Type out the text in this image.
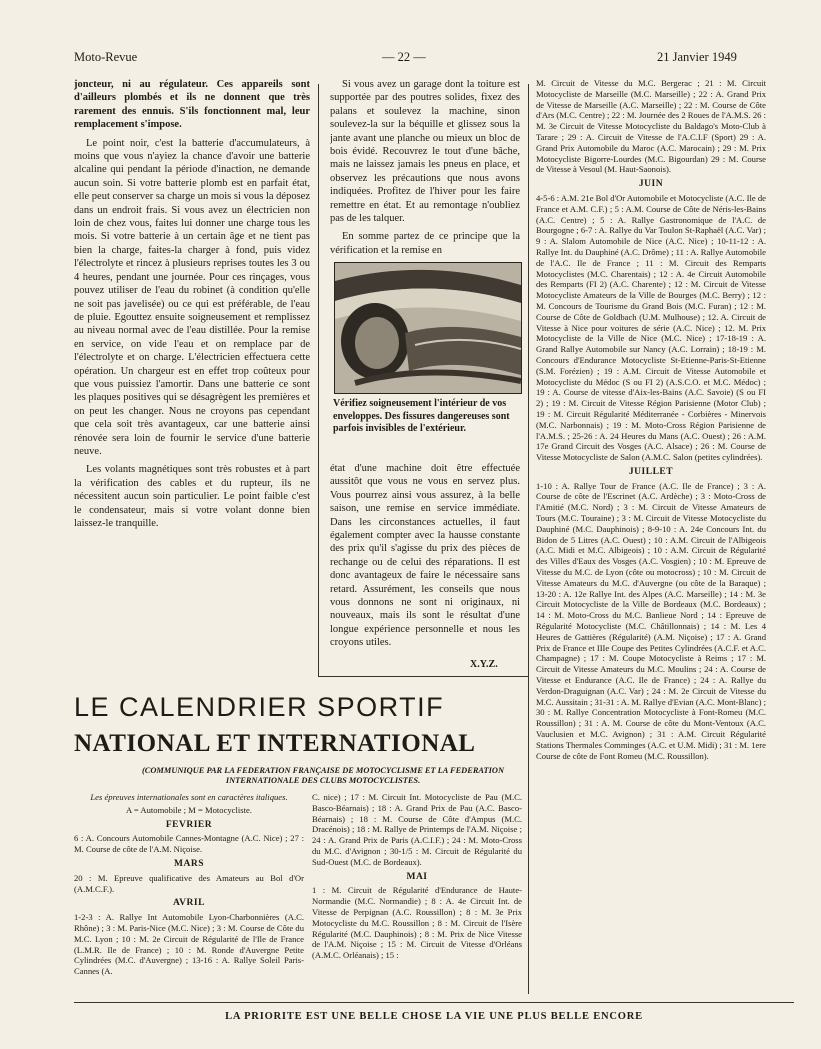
Moto-Revue	— 22 —	21 Janvier 1949

joncteur, ni au régulateur. Ces appareils sont d'ailleurs plombés et ils ne donnent que très rarement des ennuis. S'ils fonctionnent mal, leur remplacement s'impose.

Le point noir, c'est la batterie d'accumulateurs, à moins que vous n'ayiez la chance d'avoir une batterie alcaline qui pendant la période d'inaction, ne demande aucun soin. Si votre batterie plomb est en parfait état, elle peut conserver sa charge un mois si vous la déposez dans un endroit frais. Si vous avez un électricien non loin de chez vous, faites lui donner une charge tous les mois. Si votre batterie à un certain âge et ne tient pas bien la charge, faites-la charger à fond, puis videz l'électrolyte et rincez à plusieurs reprises toutes les 3 ou 4 heures, pendant une journée. Pour ces rinçages, vous pouvez utiliser de l'eau du robinet (à condition qu'elle ne soit pas javelisée) ou ce qui est préférable, de l'eau de pluie. Egouttez ensuite soigneusement et remplissez au niveau normal avec de l'eau distillée. Pour la remise en service, on vide l'eau et on remplace par de l'électrolyte et on charge. L'électricien effectuera cette opération. Un chargeur est en effet trop coûteux pour que vous puissiez l'amortir. Dans une batterie ce sont les plaques positives qui se désagrègent les premières et on peut les changer. Nous ne croyons pas cependant que cela soit très avantageux, car une batterie ainsi rénovée sera loin de fournir le service d'une batterie neuve.

Les volants magnétiques sont très robustes et à part la vérification des cables et du rupteur, ils ne nécessitent aucun soin particulier. Le point faible c'est le condensateur, mais si votre volant donne bien laissez-le tranquille.

Si vous avez un garage dont la toiture est supportée par des poutres solides, fixez des palans et soulevez la machine, sinon soulevez-la sur la béquille et glissez sous la jante avant une planche ou mieux un bloc de bois évidé. Recouvrez le tout d'une bâche, mais ne laissez jamais les pneus en place, et observez les précautions que nous avons indiquées. Profitez de l'hiver pour les faire remettre en état. Et au remontage n'oubliez pas de les talquer.

En somme partez de ce principe que la vérification et la remise en

Vérifiez soigneusement l'intérieur de vos enveloppes. Des fissures dangereuses sont parfois invisibles de l'extérieur.

état d'une machine doit être effectuée aussitôt que vous ne vous en servez plus. Vous pourrez ainsi vous assurez, à la belle saison, une remise en service immédiate. Dans les circonstances actuelles, il faut également compter avec la hausse constante des prix qu'il s'agisse du prix des pièces de rechange ou de celui des réparations. Il est donc avantageux de faire le nécessaire sans retard. Assurément, les conseils que nous vous donnons ne sont ni originaux, ni nouveaux, mais ils sont le résultat d'une longue expérience personnelle et nous les croyons utiles.

X.Y.Z.

M. Circuit de Vitesse du M.C. Bergerac ; 21 : M. Circuit Motocycliste de Marseille (M.C. Marseille) ; 22 : A. Grand Prix de Vitesse de Marseille (A.C. Marseille) ; 22 : M. Course de Côte d'Ars (M.C. Centre) ; 22 : M. Journée des 2 Roues de l'A.M.S. 26 : M. 3e Circuit de Vitesse Motocycliste du Baldago's Moto-Club à Tarare ; 29 : A. Circuit de Vitesse de l'A.C.I.F (Sport) 29 : A. Grand Prix Automobile du Maroc (A.C. Marocain) ; 29 : M. Prix Motocycliste Bigorre-Lourdes (M.C. Bigourdan) 29 : M. Course de Vitesse à Vesoul (M. Haut-Saonois).

JUIN

4-5-6 : A.M. 21e Bol d'Or Automobile et Motocycliste (A.C. Ile de France et A.M. C.F.) ; 5 : A.M. Course de Côte de Néris-les-Bains (A.C. Centre) ; 5 : A. Rallye Gastronomique de l'A.C. de Bourgogne ; 6-7 : A. Rallye du Var Toulon St-Raphaël (A.C. Var) ; 9 : A. Slalom Automobile de Nice (A.C. Nice) ; 10-11-12 : A. Rallye Int. du Dauphiné (A.C. Drôme) ; 11 : A. Rallye Automobile de l'A.C. Ile de France ; 11 : M. Circuit des Remparts Motocyclistes (M.C. Charentais) ; 12 : A. 4e Circuit Automobile des Remparts (FI 2) (A.C. Charente) ; 12 : M. Circuit de Vitesse Motocycliste Amateurs de la Ville de Bourges (M.C. Berry) ; 12 : M. Concours de Tourisme du Grand Bois (M.C. Furan) ; 12 : M. Course de Côte de Goldbach (U.M. Mulhouse) ; 12. A. Circuit de Vitesse à Nice pour voitures de série (A.C. Nice) ; 12. M. Prix Motocycliste de la Ville de Nice (M.C. Nice) ; 17-18-19 : A. Grand Rallye Automobile sur Nancy (A.C. Lorrain) ; 18-19 : M. Concours d'Endurance Motocycliste St-Etienne-Paris-St-Etienne (S.M. Forézien) ; 19 : A.M. Circuit de Vitesse Automobile et Motocycliste du Médoc (S ou FI 2) (A.S.C.O. et M.C. Médoc) ; 19 : A. Course de vitesse d'Aix-les-Bains (A.C. Savoie) (S ou FI 2) ; 19 : M. Circuit de Vitesse Région Parisienne (Motor Club) ; 19 : M. Circuit Régularité Méditerranée - Corbières - Minervois (M.C. Narbonnais) ; 19 : M. Moto-Cross Région Parisienne de l'A.M.S. ; 25-26 : A. 24 Heures du Mans (A.C. Ouest) ; 26 : A.M. 17e Grand Circuit des Vosges (A.C. Alsace) ; 26 : M. Course de Vitesse Motocycliste de Salon (A.M.C. Salon (petites cylindrées).

JUILLET

1-10 : A. Rallye Tour de France (A.C. Ile de France) ; 3 : A. Course de côte de l'Escrinet (A.C. Ardèche) ; 3 : Moto-Cross de l'Amitié (M.C. Nord) ; 3 : M. Circuit de Vitesse Amateurs de Tours (M.C. Touraine) ; 3 : M. Circuit de Vitesse Motocycliste du Dauphiné (M.C. Dauphinois) ; 8-9-10 : A. 24e Concours Int. du Bidon de 5 Litres (A.C. Ouest) ; 10 : A.M. Circuit de l'Albigeois (A.C. Midi et M.C. Albigeois) ; 10 : A.M. Circuit de Régularité des Villes d'Eaux des Vosges (A.C. Vosgien) ; 10 : M. Epreuve de Vitesse du M.C. de Lyon (côte ou motocross) ; 10 : M. Circuit de Vitesse Amateurs du M.C. d'Auvergne (ou côte de la Baraque) ; 13-20 : A. 12e Rallye Int. des Alpes (A.C. Marseille) ; 14 : M. 3e Circuit Motocycliste de la Ville de Bordeaux (M.C. Bordeaux) ; 14 : M. Moto-Cross du M.C. Banlieue Nord ; 14 : Epreuve de Régularité Motocycliste (M.C. Châtillonnais) ; 14 : M. Les 4 Heures de Gattières (Régularité) (A.M. Niçoise) ; 17 : A. Grand Prix de France et IIIe Coupe des Petites Cylindrées (A.C.F. et A.C. Champagne) ; 17 : M. Coupe Motocycliste à Reims ; 17 : M. Circuit de Vitesse Amateurs du M.C. Moulins ; 24 : A. Course de Vitesse et Endurance (A.C. Ile de France) ; 24 : A. Rallye du Verdon-Draguignan (A.C. Var) ; 24 : M. 2e Circuit de Vitesse du M.C. Aussitain ; 31-31 : A. M. Rallye d'Evian (A.C. Mont-Blanc) ; 30 : M. Rallye Concentration Motocycliste à Font-Romeu (M.C. Roussillon) ; 31 : A. M. Course de côte du Mont-Ventoux (A.C. Vauclusien et M.C. Avignon) ; 31 : A.M. Circuit Régularité Stations Thermales Comminges (A.C. et U.M. Midi) ; 31 : M. 1ere Course de côte de Font Romeu (M.C. Roussillon).

LE CALENDRIER SPORTIF
NATIONAL ET INTERNATIONAL
(COMMUNIQUE PAR LA FEDERATION FRANÇAISE DE MOTOCYCLISME ET LA FEDERATION INTERNATIONALE DES CLUBS MOTOCYCLISTES.

Les épreuves internationales sont en caractères italiques.

A = Automobile ; M = Motocycliste.

FEVRIER

6 : A. Concours Automobile Cannes-Montagne (A.C. Nice) ; 27 : M. Course de côte de l'A.M. Niçoise.

MARS

20 : M. Epreuve qualificative des Amateurs au Bol d'Or (A.M.C.F.).

AVRIL

1-2-3 : A. Rallye Int Automobile Lyon-Charbonnières (A.C. Rhône) ; 3 : M. Paris-Nice (M.C. Nice) ; 3 : M. Course de Côte du M.C. Lyon ; 10 : M. 2e Circuit de Régularité de l'Ile de France (L.M.R. Ile de France) ; 10 : M. Ronde d'Auvergne Petite Cylindrées (M.C. d'Auvergne) ; 13-16 : A. Rallye Soleil Paris-Cannes (A.

C. nice) ; 17 : M. Circuit Int. Motocycliste de Pau (M.C. Basco-Béarnais) ; 18 : A. Grand Prix de Pau (A.C. Basco-Béarnais) ; 18 : M. Course de Côte d'Ampus (M.C. Dracénois) ; 18 : M. Rallye de Printemps de l'A.M. Niçoise ; 24 : A. Grand Prix de Paris (A.C.I.F.) ; 24 : M. Moto-Cross du M.C. d'Avignon ; 30-1/5 : M. Circuit de Régularité du Sud-Ouest (M.C. de Bordeaux).

MAI

1 : M. Circuit de Régularité d'Endurance de Haute-Normandie (M.C. Normandie) ; 8 : A. 4e Circuit Int. de Vitesse de Perpignan (A.C. Roussillon) ; 8 : M. 3e Prix Motocycliste du M.C. Roussillon ; 8 : M. Circuit de l'Isère Régularité (M.C. Dauphinois) ; 8 : M. Prix de Nice Vitesse de l'A.M. Niçoise ; 15 : M. Circuit de Vitesse d'Orléans (A.M.C. Orléanais) ; 15 :

LA PRIORITE EST UNE BELLE CHOSE LA VIE UNE PLUS BELLE ENCORE
